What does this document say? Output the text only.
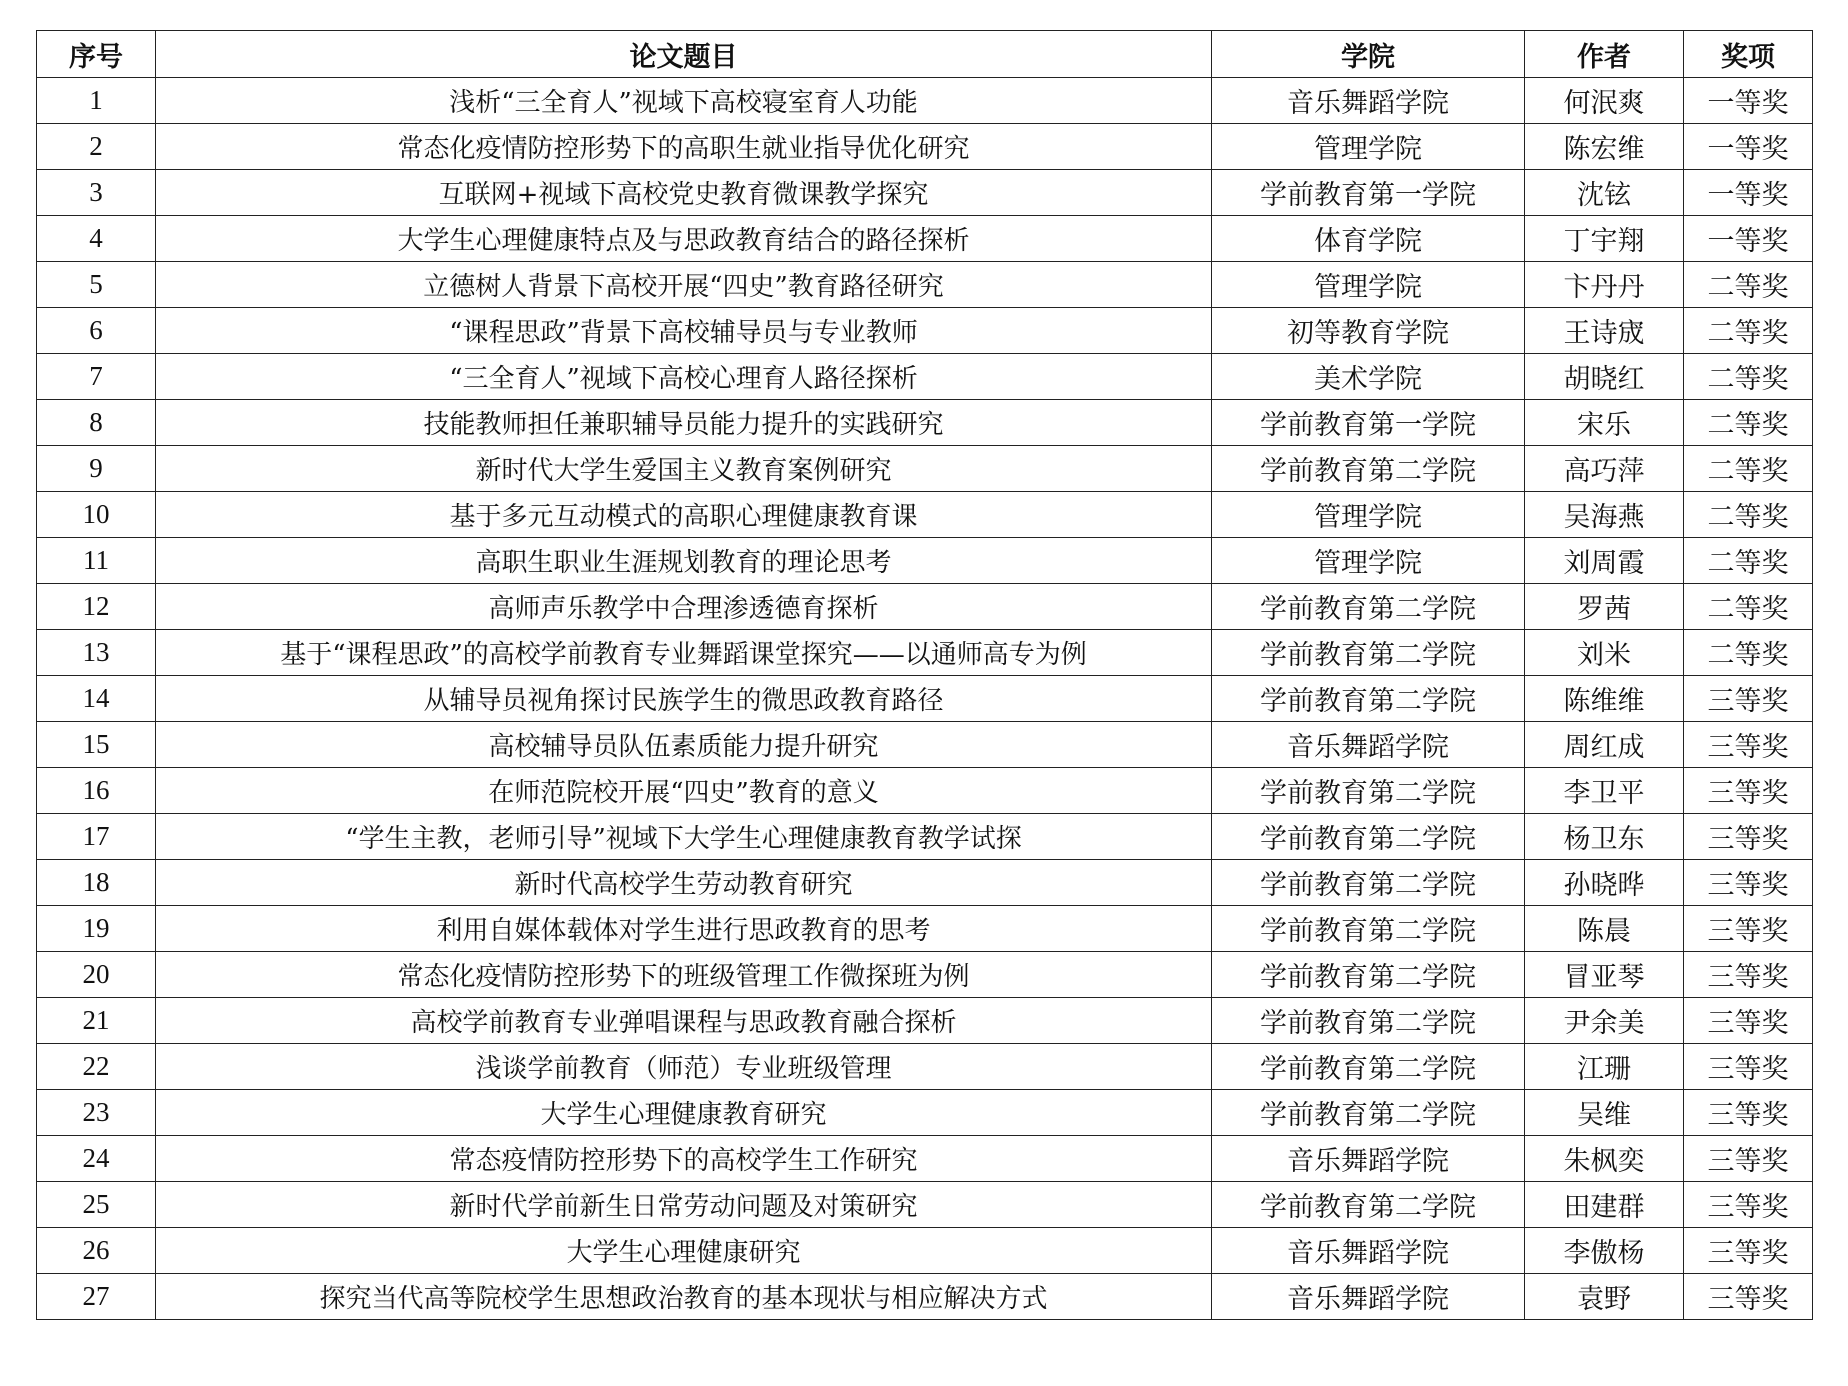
序号	论文题目	学院	作者	奖项
1	浅析“三全育人”视域下高校寝室育人功能	音乐舞蹈学院	何泯爽	一等奖
2	常态化疫情防控形势下的高职生就业指导优化研究	管理学院	陈宏维	一等奖
3	互联网+视域下高校党史教育微课教学探究	学前教育第一学院	沈铉	一等奖
4	大学生心理健康特点及与思政教育结合的路径探析	体育学院	丁宇翔	一等奖
5	立德树人背景下高校开展“四史”教育路径研究	管理学院	卞丹丹	二等奖
6	“课程思政”背景下高校辅导员与专业教师	初等教育学院	王诗宬	二等奖
7	“三全育人”视域下高校心理育人路径探析	美术学院	胡晓红	二等奖
8	技能教师担任兼职辅导员能力提升的实践研究	学前教育第一学院	宋乐	二等奖
9	新时代大学生爱国主义教育案例研究	学前教育第二学院	高巧萍	二等奖
10	基于多元互动模式的高职心理健康教育课	管理学院	吴海燕	二等奖
11	高职生职业生涯规划教育的理论思考	管理学院	刘周霞	二等奖
12	高师声乐教学中合理渗透德育探析	学前教育第二学院	罗茜	二等奖
13	基于“课程思政”的高校学前教育专业舞蹈课堂探究——以通师高专为例	学前教育第二学院	刘米	二等奖
14	从辅导员视角探讨民族学生的微思政教育路径	学前教育第二学院	陈维维	三等奖
15	高校辅导员队伍素质能力提升研究	音乐舞蹈学院	周红成	三等奖
16	在师范院校开展“四史”教育的意义	学前教育第二学院	李卫平	三等奖
17	“学生主教，老师引导”视域下大学生心理健康教育教学试探	学前教育第二学院	杨卫东	三等奖
18	新时代高校学生劳动教育研究	学前教育第二学院	孙晓晔	三等奖
19	利用自媒体载体对学生进行思政教育的思考	学前教育第二学院	陈晨	三等奖
20	常态化疫情防控形势下的班级管理工作微探班为例	学前教育第二学院	冒亚琴	三等奖
21	高校学前教育专业弹唱课程与思政教育融合探析	学前教育第二学院	尹余美	三等奖
22	浅谈学前教育（师范）专业班级管理	学前教育第二学院	江珊	三等奖
23	大学生心理健康教育研究	学前教育第二学院	吴维	三等奖
24	常态疫情防控形势下的高校学生工作研究	音乐舞蹈学院	朱枫奕	三等奖
25	新时代学前新生日常劳动问题及对策研究	学前教育第二学院	田建群	三等奖
26	大学生心理健康研究	音乐舞蹈学院	李傲杨	三等奖
27	探究当代高等院校学生思想政治教育的基本现状与相应解决方式	音乐舞蹈学院	袁野	三等奖
